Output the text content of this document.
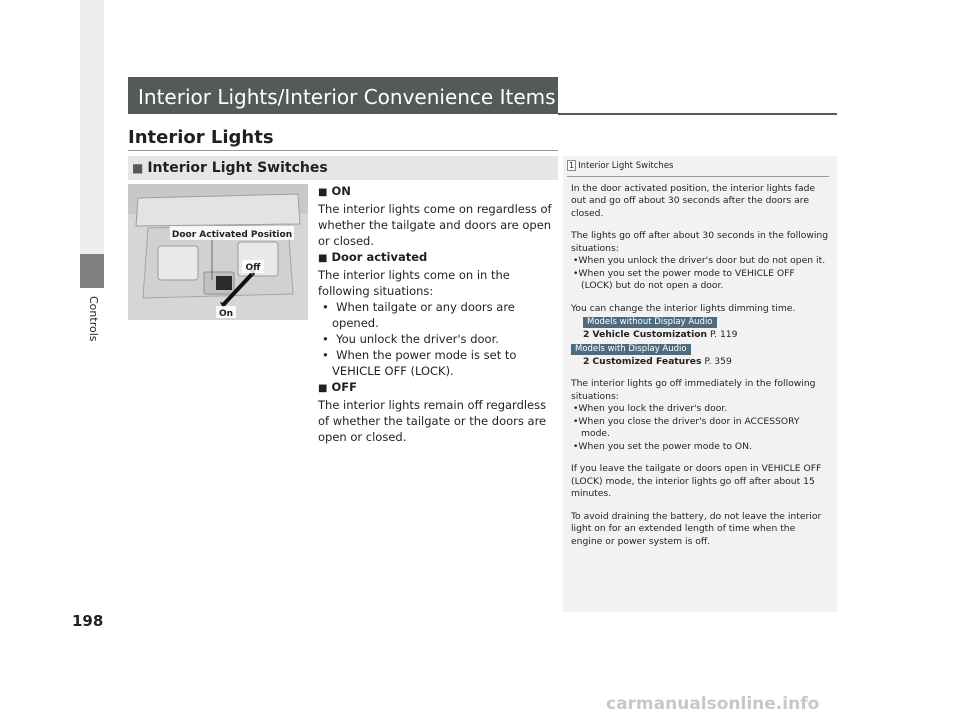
Controls
198
Interior Lights/Interior Convenience Items
Interior Lights
■ Interior Light Switches
Door Activated Position
Off
On

■ ON

The interior lights come on regardless of whether the tailgate and doors are open or closed.

■ Door activated

The interior lights come on in the following situations:

•  When tailgate or any doors are opened.

•  You unlock the driver's door.

•  When the power mode is set to VEHICLE OFF (LOCK).

■ OFF

The interior lights remain off regardless of whether the tailgate or the doors are open or closed.

1 Interior Light Switches

In the door activated position, the interior lights fade out and go off about 30 seconds after the doors are closed.

The lights go off after about 30 seconds in the following situations:

•When you unlock the driver's door but do not open it.

•When you set the power mode to VEHICLE OFF (LOCK) but do not open a door.

You can change the interior lights dimming time.

Models without Display Audio

2 Vehicle Customization P. 119

Models with Display Audio

2 Customized Features P. 359

The interior lights go off immediately in the following situations:

•When you lock the driver's door.

•When you close the driver's door in ACCESSORY mode.

•When you set the power mode to ON.

If you leave the tailgate or doors open in VEHICLE OFF (LOCK) mode, the interior lights go off after about 15 minutes.

To avoid draining the battery, do not leave the interior light on for an extended length of time when the engine or power system is off.

carmanualsonline.info
